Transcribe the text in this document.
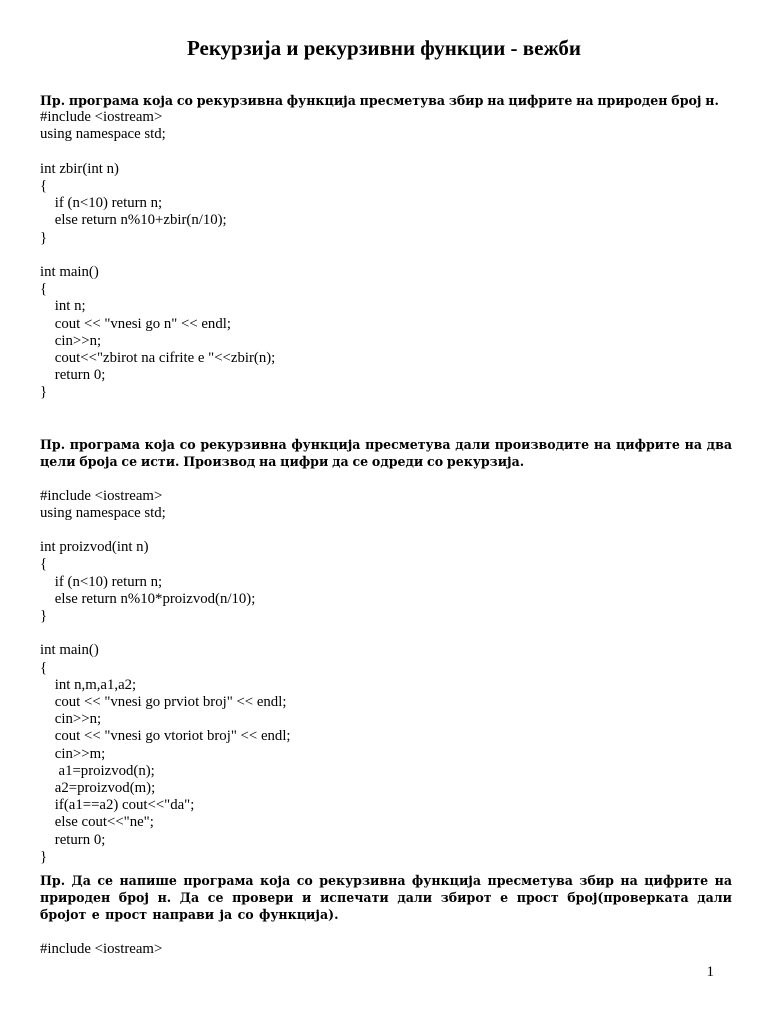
Рекурзија и рекурзивни функции - вежби

Пр. програма која со рекурзивна функција пресметува збир на цифрите на природен број н.

#include <iostream>

using namespace std;

int zbir(int n)

{

if (n<10) return n;

else return n%10+zbir(n/10);

}

int main()

{

int n;

cout << "vnesi go n" << endl;

cin>>n;

cout<<"zbirot na cifrite e "<<zbir(n);

return 0;

}

Пр. програма која со рекурзивна функција пресметува дали производите на цифрите на два цели броја се исти. Производ на цифри да се одреди со рекурзија.

#include <iostream>

using namespace std;

int proizvod(int n)

{

if (n<10) return n;

else return n%10*proizvod(n/10);

}

int main()

{

int n,m,a1,a2;

cout << "vnesi go prviot broj" << endl;

cin>>n;

cout << "vnesi go vtoriot broj" << endl;

cin>>m;

a1=proizvod(n);

a2=proizvod(m);

if(a1==a2) cout<<"da";

else cout<<"ne";

return 0;

}

Пр. Да се напише програма која со рекурзивна функција пресметува збир на цифрите на природен број н. Да се провери и испечати дали збирот е прост број(проверката дали бројот е прост направи ја со функција).

#include <iostream>

1
